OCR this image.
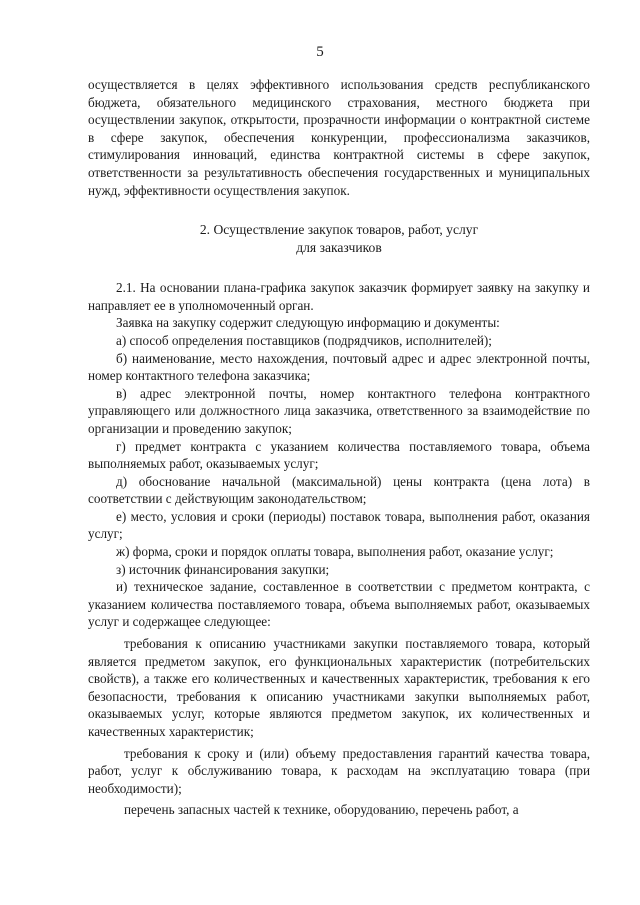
5

осуществляется в целях эффективного использования средств республиканского бюджета, обязательного медицинского страхования, местного бюджета при осуществлении закупок, открытости, прозрачности информации о контрактной системе в сфере закупок, обеспечения конкуренции, профессионализма заказчиков, стимулирования инноваций, единства контрактной системы в сфере закупок, ответственности за результативность обеспечения государственных и муниципальных нужд, эффективности осуществления закупок.

2. Осуществление закупок товаров, работ, услуг
для заказчиков

2.1. На основании плана-графика закупок заказчик формирует заявку на закупку и направляет ее в уполномоченный орган.

Заявка на закупку содержит следующую информацию и документы:

а) способ определения поставщиков (подрядчиков, исполнителей);

б) наименование, место нахождения, почтовый адрес и адрес электронной почты, номер контактного телефона заказчика;

в) адрес электронной почты, номер контактного телефона контрактного управляющего или должностного лица заказчика, ответственного за взаимодействие по организации и проведению закупок;

г) предмет контракта с указанием количества поставляемого товара, объема выполняемых работ, оказываемых услуг;

д) обоснование начальной (максимальной) цены контракта (цена лота) в соответствии с действующим законодательством;

е) место, условия и сроки (периоды) поставок товара, выполнения работ, оказания услуг;

ж) форма, сроки и порядок оплаты товара, выполнения работ, оказание услуг;

з) источник финансирования закупки;

и) техническое задание, составленное в соответствии с предметом контракта, с указанием количества поставляемого товара, объема выполняемых работ, оказываемых услуг и содержащее следующее:

требования к описанию участниками закупки поставляемого товара, который является предметом закупок, его функциональных характеристик (потребительских свойств), а также его количественных и качественных характеристик, требования к его безопасности, требования к описанию участниками закупки выполняемых работ, оказываемых услуг, которые являются предметом закупок, их количественных и качественных характеристик;

требования к сроку и (или) объему предоставления гарантий качества товара, работ, услуг к обслуживанию товара, к расходам на эксплуатацию товара (при необходимости);

перечень запасных частей к технике, оборудованию, перечень работ, а
